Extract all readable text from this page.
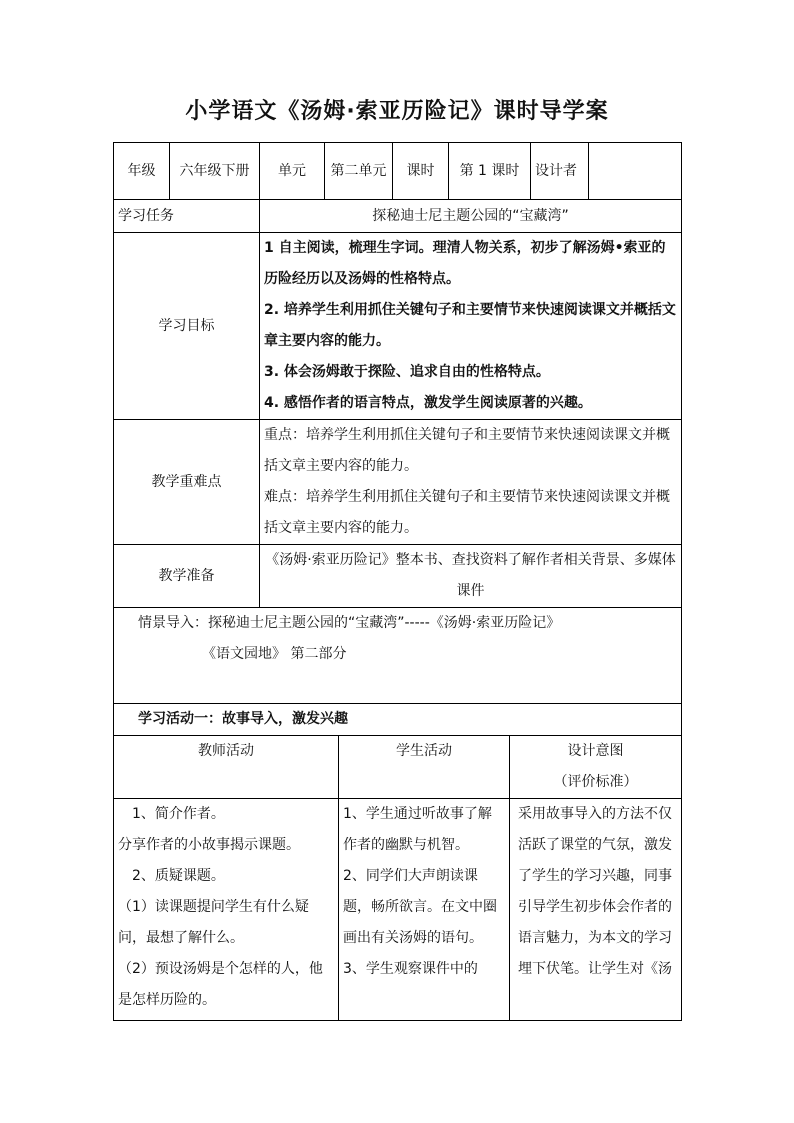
小学语文《汤姆·索亚历险记》课时导学案
年级	六年级下册	单元	第二单元	课时	第 1 课时	设计者	
学习任务		探秘迪士尼主题公园的“宝藏湾”					
学习目标		1 自主阅读，梳理生字词。理清人物关系，初步了解汤姆•索亚的历险经历以及汤姆的性格特点。
2. 培养学生利用抓住关键句子和主要情节来快速阅读课文并概括文章主要内容的能力。
3. 体会汤姆敢于探险、追求自由的性格特点。
4. 感悟作者的语言特点，激发学生阅读原著的兴趣。					

教学重难点		重点：培养学生利用抓住关键句子和主要情节来快速阅读课文并概括文章主要内容的能力。
难点：培养学生利用抓住关键句子和主要情节来快速阅读课文并概括文章主要内容的能力。					

教学准备		《汤姆·索亚历险记》整本书、查找资料了解作者相关背景、多媒体课件					

情景导入：探秘迪士尼主题公园的“宝藏湾”-----《汤姆·索亚历险记》
《语文园地》 第二部分							

学习活动一：故事导入，激发兴趣							
教师活动	学生活动	设计意图
（评价标准）

1、简介作者。
分享作者的小故事揭示课题。
2、质疑课题。
（1）读课题提问学生有什么疑问，最想了解什么。
（2）预设汤姆是个怎样的人，他是怎样历险的。	1、学生通过听故事了解作者的幽默与机智。
2、同学们大声朗读课题，畅所欲言。在文中圈画出有关汤姆的语句。
3、学生观察课件中的	采用故事导入的方法不仅活跃了课堂的气氛，激发了学生的学习兴趣，同事引导学生初步体会作者的语言魅力，为本文的学习埋下伏笔。让学生对《汤
